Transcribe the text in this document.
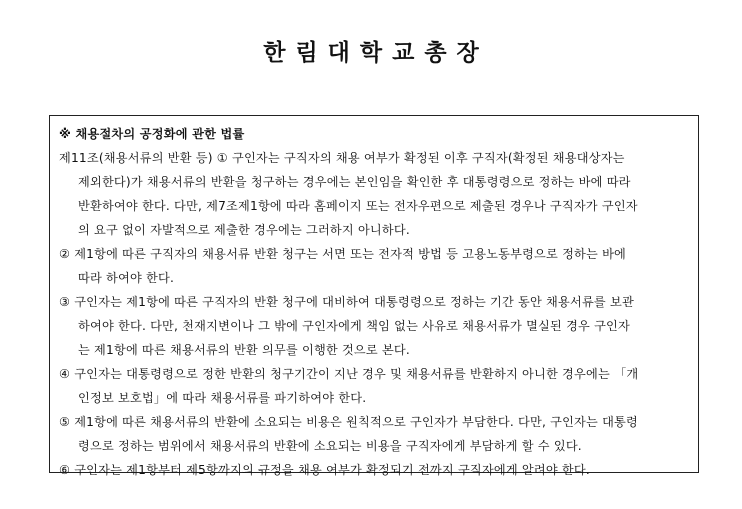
한림대학교총장

※ 채용절차의 공정화에 관한 법률

제11조(채용서류의 반환 등) ① 구인자는 구직자의 채용 여부가 확정된 이후 구직자(확정된 채용대상자는
제외한다)가 채용서류의 반환을 청구하는 경우에는 본인임을 확인한 후 대통령령으로 정하는 바에 따라
반환하여야 한다. 다만, 제7조제1항에 따라 홈페이지 또는 전자우편으로 제출된 경우나 구직자가 구인자
의 요구 없이 자발적으로 제출한 경우에는 그러하지 아니하다.

② 제1항에 따른 구직자의 채용서류 반환 청구는 서면 또는 전자적 방법 등 고용노동부령으로 정하는 바에
따라 하여야 한다.

③ 구인자는 제1항에 따른 구직자의 반환 청구에 대비하여 대통령령으로 정하는 기간 동안 채용서류를 보관
하여야 한다. 다만, 천재지변이나 그 밖에 구인자에게 책임 없는 사유로 채용서류가 멸실된 경우 구인자
는 제1항에 따른 채용서류의 반환 의무를 이행한 것으로 본다.

④ 구인자는 대통령령으로 정한 반환의 청구기간이 지난 경우 및 채용서류를 반환하지 아니한 경우에는 「개
인정보 보호법」에 따라 채용서류를 파기하여야 한다.

⑤ 제1항에 따른 채용서류의 반환에 소요되는 비용은 원칙적으로 구인자가 부담한다. 다만, 구인자는 대통령
령으로 정하는 범위에서 채용서류의 반환에 소요되는 비용을 구직자에게 부담하게 할 수 있다.

⑥ 구인자는 제1항부터 제5항까지의 규정을 채용 여부가 확정되기 전까지 구직자에게 알려야 한다.
